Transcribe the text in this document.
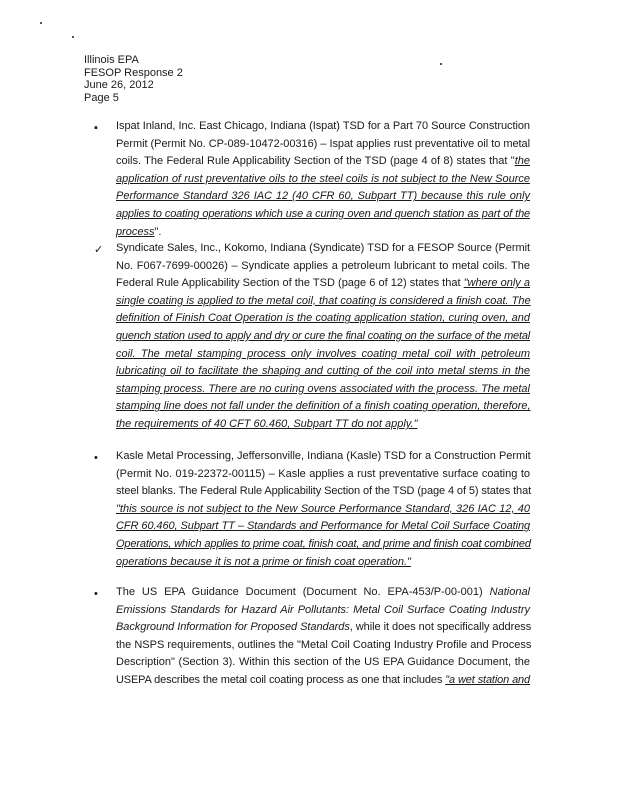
Illinois EPA
FESOP Response 2
June 26, 2012
Page 5
▪ Ispat Inland, Inc. East Chicago, Indiana (Ispat) TSD for a Part 70 Source Construction
Permit (Permit No. CP-089-10472-00316) – Ispat applies rust preventative oil to metal
coils. The Federal Rule Applicability Section of the TSD (page 4 of 8) states that "the
application of rust preventative oils to the steel coils is not subject to the New Source
Performance Standard 326 IAC 12 (40 CFR 60, Subpart TT) because this rule only
applies to coating operations which use a curing oven and quench station as part of the
process".
✓ Syndicate Sales, Inc., Kokomo, Indiana (Syndicate) TSD for a FESOP Source (Permit
No. F067-7699-00026) – Syndicate applies a petroleum lubricant to metal coils. The
Federal Rule Applicability Section of the TSD (page 6 of 12) states that "where only a
single coating is applied to the metal coil, that coating is considered a finish coat. The
definition of Finish Coat Operation is the coating application station, curing oven, and
quench station used to apply and dry or cure the final coating on the surface of the metal
coil. The metal stamping process only involves coating metal coil with petroleum
lubricating oil to facilitate the shaping and cutting of the coil into metal stems in the
stamping process. There are no curing ovens associated with the process. The metal
stamping line does not fall under the definition of a finish coating operation, therefore,
the requirements of 40 CFT 60.460, Subpart TT do not apply."
• Kasle Metal Processing, Jeffersonville, Indiana (Kasle) TSD for a Construction Permit
(Permit No. 019-22372-00115) – Kasle applies a rust preventative surface coating to
steel blanks. The Federal Rule Applicability Section of the TSD (page 4 of 5) states that
"this source is not subject to the New Source Performance Standard, 326 IAC 12, 40
CFR 60.460, Subpart TT – Standards and Performance for Metal Coil Surface Coating
Operations, which applies to prime coat, finish coat, and prime and finish coat combined
operations because it is not a prime or finish coat operation."
• The US EPA Guidance Document (Document No. EPA-453/P-00-001) National
Emissions Standards for Hazard Air Pollutants: Metal Coil Surface Coating Industry
Background Information for Proposed Standards, while it does not specifically address
the NSPS requirements, outlines the "Metal Coil Coating Industry Profile and Process
Description" (Section 3). Within this section of the US EPA Guidance Document, the
USEPA describes the metal coil coating process as one that includes "a wet station and
